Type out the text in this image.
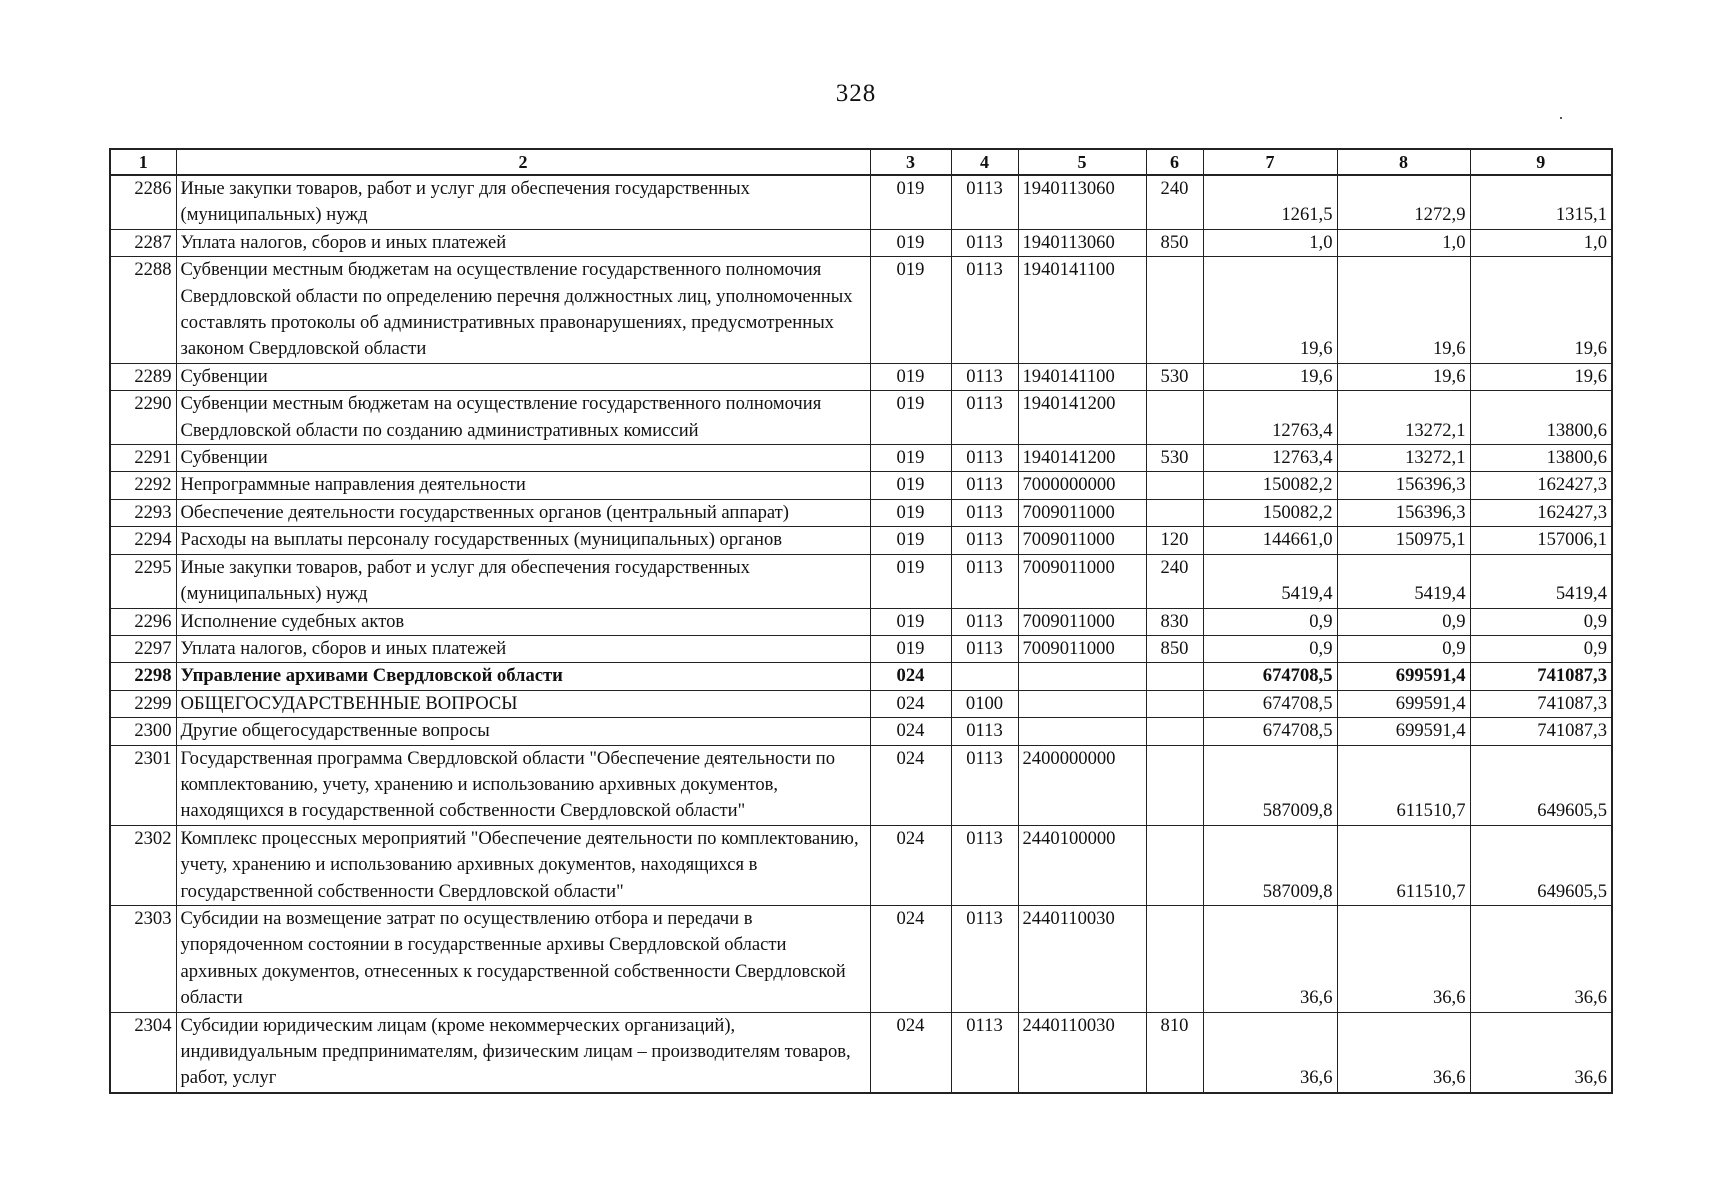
328
1	2	3	4	5	6	7	8	9
2286	Иные закупки товаров, работ и услуг для обеспечения государственных (муниципальных) нужд	019	0113	1940113060	240	1261,5	1272,9	1315,1
2287	Уплата налогов, сборов и иных платежей	019	0113	1940113060	850	1,0	1,0	1,0
2288	Субвенции местным бюджетам на осуществление государственного полномочия Свердловской области по определению перечня должностных лиц, уполномоченных составлять протоколы об административных правонарушениях, предусмотренных законом Свердловской области	019	0113	1940141100		19,6	19,6	19,6
2289	Субвенции	019	0113	1940141100	530	19,6	19,6	19,6
2290	Субвенции местным бюджетам на осуществление государственного полномочия Свердловской области по созданию административных комиссий	019	0113	1940141200		12763,4	13272,1	13800,6
2291	Субвенции	019	0113	1940141200	530	12763,4	13272,1	13800,6
2292	Непрограммные направления деятельности	019	0113	7000000000		150082,2	156396,3	162427,3
2293	Обеспечение деятельности государственных органов (центральный аппарат)	019	0113	7009011000		150082,2	156396,3	162427,3
2294	Расходы на выплаты персоналу государственных (муниципальных) органов	019	0113	7009011000	120	144661,0	150975,1	157006,1
2295	Иные закупки товаров, работ и услуг для обеспечения государственных (муниципальных) нужд	019	0113	7009011000	240	5419,4	5419,4	5419,4
2296	Исполнение судебных актов	019	0113	7009011000	830	0,9	0,9	0,9
2297	Уплата налогов, сборов и иных платежей	019	0113	7009011000	850	0,9	0,9	0,9
2298	Управление архивами Свердловской области	024				674708,5	699591,4	741087,3
2299	ОБЩЕГОСУДАРСТВЕННЫЕ ВОПРОСЫ	024	0100			674708,5	699591,4	741087,3
2300	Другие общегосударственные вопросы	024	0113			674708,5	699591,4	741087,3
2301	Государственная программа Свердловской области "Обеспечение деятельности по комплектованию, учету, хранению и использованию архивных документов, находящихся в государственной собственности Свердловской области"	024	0113	2400000000		587009,8	611510,7	649605,5
2302	Комплекс процессных мероприятий "Обеспечение деятельности по комплектованию, учету, хранению и использованию архивных документов, находящихся в государственной собственности Свердловской области"	024	0113	2440100000		587009,8	611510,7	649605,5
2303	Субсидии на возмещение затрат по осуществлению отбора и передачи в упорядоченном состоянии в государственные архивы Свердловской области архивных документов, отнесенных к государственной собственности Свердловской области	024	0113	2440110030		36,6	36,6	36,6
2304	Субсидии юридическим лицам (кроме некоммерческих организаций), индивидуальным предпринимателям, физическим лицам – производителям товаров, работ, услуг	024	0113	2440110030	810	36,6	36,6	36,6
